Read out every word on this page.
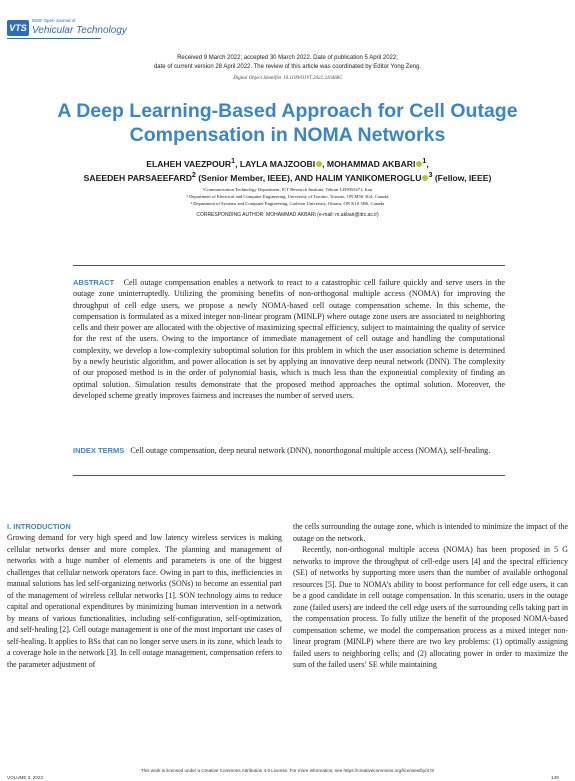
VTS
IEEE Open Journal of
Vehicular Technology
Received 9 March 2022; accepted 30 March 2022. Date of publication 5 April 2022;
date of current version 28 April 2022. The review of this article was coordinated by Editor Yong Zeng.
Digital Object Identifier 10.1109/OJVT.2022.3164685
A Deep Learning-Based Approach for Cell Outage Compensation in NOMA Networks
ELAHEH VAEZPOUR$^1$, LAYLA MAJZOOBI , MOHAMMAD AKBARI $^1$,
SAEEDEH PARSAEEFARD$^2$ (Senior Member, IEEE), AND HALIM YANIKOMEROGLU $^3$ (Fellow, IEEE)
¹Communication Technology Department, ICT Research Institute, Tehran 1439955471, Iran
² Department of Electrical and Computer Engineering, University of Toronto, Toronto, ON M5S 3G4, Canada
³ Department of Systems and Computer Engineering, Carleton University, Ottawa, ON K1S 5B6, Canada
CORRESPONDING AUTHOR: MOHAMMAD AKBARI (e-mail: m.akbari@itrc.ac.ir)
ABSTRACT Cell outage compensation enables a network to react to a catastrophic cell failure quickly and serve users in the outage zone uninterruptedly. Utilizing the promising benefits of non-orthogonal multiple access (NOMA) for improving the throughput of cell edge users, we propose a newly NOMA-based cell outage compensation scheme. In this scheme, the compensation is formulated as a mixed integer non-linear program (MINLP) where outage zone users are associated to neighboring cells and their power are allocated with the objective of maximizing spectral efficiency, subject to maintaining the quality of service for the rest of the users. Owing to the importance of immediate management of cell outage and handling the computational complexity, we develop a low-complexity suboptimal solution for this problem in which the user association scheme is determined by a newly heuristic algorithm, and power allocation is set by applying an innovative deep neural network (DNN). The complexity of our proposed method is in the order of polynomial basis, which is much less than the exponential complexity of finding an optimal solution. Simulation results demonstrate that the proposed method approaches the optimal solution. Moreover, the developed scheme greatly improves fairness and increases the number of served users.
INDEX TERMS Cell outage compensation, deep neural network (DNN), nonorthogonal multiple access (NOMA), self-healing.
I. INTRODUCTION

Growing demand for very high speed and low latency wireless services is making cellular networks denser and more complex. The planning and management of networks with a huge number of elements and parameters is one of the biggest challenges that cellular network operators face. Owing in part to this, inefficiencies in manual solutions has led self-organizing networks (SONs) to become an essential part of the management of wireless cellular networks [1]. SON technology aims to reduce capital and operational expenditures by minimizing human intervention in a network by means of various functionalities, including self-configuration, self-optimization, and self-healing [2]. Cell outage management is one of the most important use cases of self-healing. It applies to BSs that can no longer serve users in its zone, which leads to a coverage hole in the network [3]. In cell outage management, compensation refers to the parameter adjustment of

the cells surrounding the outage zone, which is intended to minimize the impact of the outage on the network.

Recently, non-orthogonal multiple access (NOMA) has been proposed in 5 G networks to improve the throughput of cell-edge users [4] and the spectral efficiency (SE) of networks by supporting more users than the number of available orthogonal resources [5]. Due to NOMA’s ability to boost performance for cell edge users, it can be a good candidate in cell outage compensation. In this scenario, users in the outage zone (failed users) are indeed the cell edge users of the surrounding cells taking part in the compensation process. To fully utilize the benefit of the proposed NOMA-based compensation scheme, we model the compensation process as a mixed integer non-linear program (MINLP) where there are two key problems: (1) optimally assigning failed users to neighboring cells; and (2) allocating power in order to maximize the sum of the failed users’ SE while maintaining

This work is licensed under a Creative Commons Attribution 4.0 License. For more information, see https://creativecommons.org/licenses/by/4.0/
VOLUME 3, 2022	149
